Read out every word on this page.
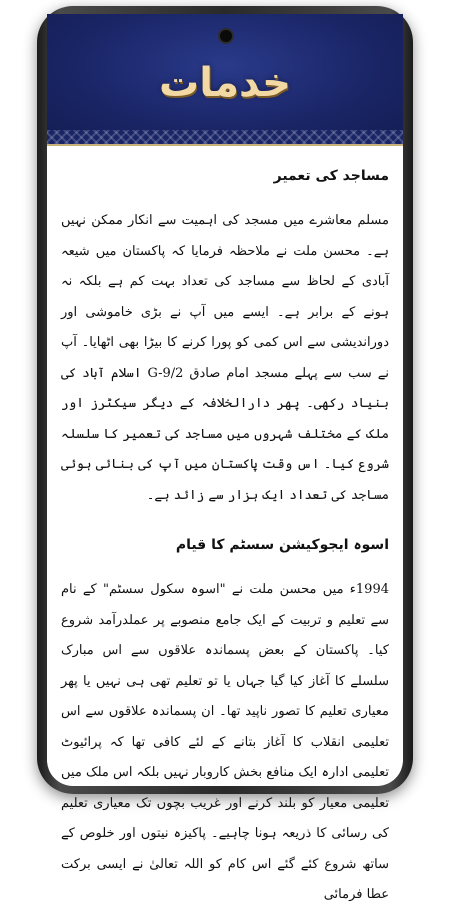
خدمات
مساجد کی تعمیر
مسلم معاشرے میں مسجد کی اہمیت سے انکار ممکن نہیں ہے۔ محسن ملت نے ملاحظہ فرمایا کہ پاکستان میں شیعہ آبادی کے لحاظ سے مساجد کی تعداد بہت کم ہے بلکہ نہ ہونے کے برابر ہے۔ ایسے میں آپ نے بڑی خاموشی اور دوراندیشی سے اس کمی کو پورا کرنے کا بیڑا بھی اٹھایا۔ آپ نے سب سے پہلے مسجد امام صادق G-9/2 اسلام آباد کی بنیاد رکھی۔ پھر دارالخلافہ کے دیگر سیکٹرز اور ملک کے مختلف شہروں میں مساجد کی تعمیر کا سلسلہ شروع کیا۔ اس وقت پاکستان میں آپ کی بنائی ہوئی مساجد کی تعداد ایک ہزار سے زائد ہے۔
اسوہ ایجوکیشن سسٹم کا قیام
1994ء میں محسن ملت نے "اسوہ سکول سسٹم" کے نام سے تعلیم و تربیت کے ایک جامع منصوبے پر عملدرآمد شروع کیا۔ پاکستان کے بعض پسماندہ علاقوں سے اس مبارک سلسلے کا آغاز کیا گیا جہاں یا تو تعلیم تھی ہی نہیں یا پھر معیاری تعلیم کا تصور ناپید تھا۔ ان پسماندہ علاقوں سے اس تعلیمی انقلاب کا آغاز بتانے کے لئے کافی تھا کہ پرائیوٹ تعلیمی ادارہ ایک منافع بخش کاروبار نہیں بلکہ اس ملک میں تعلیمی معیار کو بلند کرنے اور غریب بچوں تک معیاری تعلیم کی رسائی کا ذریعہ ہونا چاہیے۔ پاکیزہ نیتوں اور خلوص کے ساتھ شروع کئے گئے اس کام کو اللہ تعالیٰ نے ایسی برکت عطا فرمائی
